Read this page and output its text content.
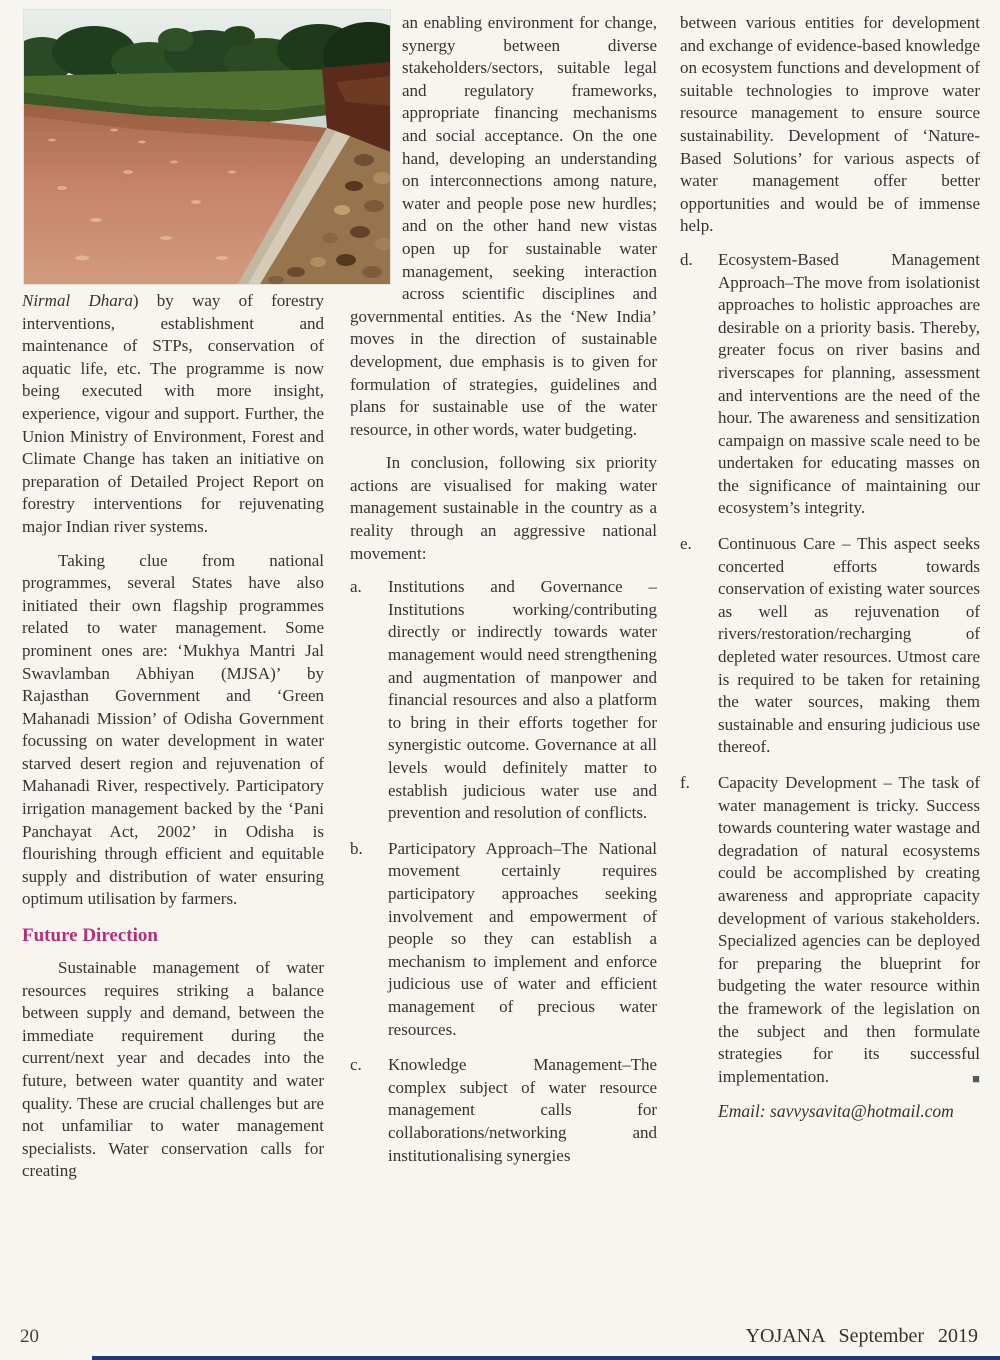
Nirmal Dhara) by way of forestry interventions, establishment and maintenance of STPs, conservation of aquatic life, etc. The programme is now being executed with more insight, experience, vigour and support. Further, the Union Ministry of Environment, Forest and Climate Change has taken an initiative on preparation of Detailed Project Report on forestry interventions for rejuvenating major Indian river systems.

Taking clue from national programmes, several States have also initiated their own flagship programmes related to water management. Some prominent ones are: ‘Mukhya Mantri Jal Swavlamban Abhiyan (MJSA)’ by Rajasthan Government and ‘Green Mahanadi Mission’ of Odisha Government focussing on water development in water starved desert region and rejuvenation of Mahanadi River, respectively. Participatory irrigation management backed by the ‘Pani Panchayat Act, 2002’ in Odisha is flourishing through efficient and equitable supply and distribution of water ensuring optimum utilisation by farmers.

Future Direction

Sustainable management of water resources requires striking a balance between supply and demand, between the immediate requirement during the current/next year and decades into the future, between water quantity and water quality. These are crucial challenges but are not unfamiliar to water management specialists. Water conservation calls for creating

an enabling environment for change, synergy between diverse stakeholders/sectors, suitable legal and regulatory frameworks, appropriate financing mechanisms and social acceptance. On the one hand, developing an understanding on interconnections among nature, water and people pose new hurdles; and on the other hand new vistas open up for sustainable water management, seeking interaction across scientific disciplines and governmental entities. As the ‘New India’ moves in the direction of sustainable development, due emphasis is to given for formulation of strategies, guidelines and plans for sustainable use of the water resource, in other words, water budgeting.

In conclusion, following six priority actions are visualised for making water management sustainable in the country as a reality through an aggressive national movement:

a.	Institutions and Governance – Institutions working/contributing directly or indirectly towards water management would need strengthening and augmentation of manpower and financial resources and also a platform to bring in their efforts together for synergistic outcome. Governance at all levels would definitely matter to establish judicious water use and prevention and resolution of conflicts.
b.	Participatory Approach–The National movement certainly requires participatory approaches seeking involvement and empowerment of people so they can establish a mechanism to implement and enforce judicious use of water and efficient management of precious water resources.
c.	Knowledge Management–The complex subject of water resource management calls for collaborations/networking and institutionalising synergies

between various entities for development and exchange of evidence-based knowledge on ecosystem functions and development of suitable technologies to improve water resource management to ensure source sustainability. Development of ‘Nature-Based Solutions’ for various aspects of water management offer better opportunities and would be of immense help.

d.	Ecosystem-Based Management Approach–The move from isolationist approaches to holistic approaches are desirable on a priority basis. Thereby, greater focus on river basins and riverscapes for planning, assessment and interventions are the need of the hour. The awareness and sensitization campaign on massive scale need to be undertaken for educating masses on the significance of maintaining our ecosystem’s integrity.
e.	Continuous Care – This aspect seeks concerted efforts towards conservation of existing water sources as well as rejuvenation of rivers/restoration/recharging of depleted water resources. Utmost care is required to be taken for retaining the water sources, making them sustainable and ensuring judicious use thereof.
f.	Capacity Development – The task of water management is tricky. Success towards countering water wastage and degradation of natural ecosystems could be accomplished by creating awareness and appropriate capacity development of various stakeholders. Specialized agencies can be deployed for preparing the blueprint for budgeting the water resource within the framework of the legislation on the subject and then formulate strategies for its successful implementation.	■

Email: savvysavita@hotmail.com

20	YOJANA September 2019
